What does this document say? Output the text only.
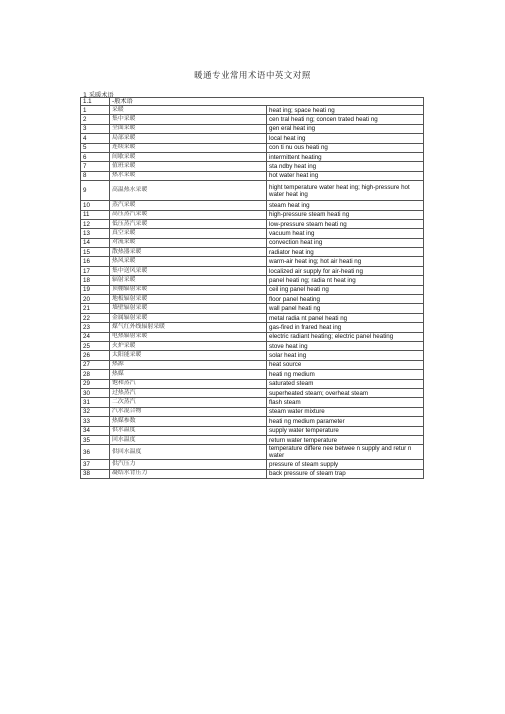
暖通专业常用术语中英文对照
1 采暖术语
1.1	-般术语	
1	采暖	heat ing; space heati ng
2	集中采暖	cen tral heati ng; concen trated heati ng
3	全面采暖	gen eral heat ing
4	局部采暖	local heat ing
5	连续采暖	con ti nu ous heati ng
6	间歇采暖	intermittent heating
7	值班采暖	sta ndby heat ing
8	热水采暖	hot water heat ing
9	高温热水采暖	hight temperature water heat ing; high-pressure hot water heat ing
10	蒸汽采暖	steam heat ing
11	高压蒸汽采暖	high-pressure steam heati ng
12	低压蒸汽采暖	low-pressure steam heati ng
13	真空采暖	vacuum heat ing
14	对流采暖	convection heat ing
15	散热器采暖	radiator heat ing
16	热风采暖	warm-air heat ing; hot air heati ng
17	集中送风采暖	localized air supply for air-heati ng
18	辐射采暖	panel heati ng; radia nt heat ing
19	顶棚辐射采暖	ceil ing panel heati ng
20	地板辐射采暖	floor panel heating
21	墙壁辐射采暖	wall panel heati ng
22	金属辐射采暖	metal radia nt panel heati ng
23	煤气红外线辐射采暖	gas-fired in frared heat ing
24	电热辐射采暖	electric radiant heating; electric panel heating
25	火炉采暖	stove heat ing
26	太阳能采暖	solar heat ing
27	热源	heat source
28	热媒	heati ng medium
29	饱和蒸汽	saturated steam
30	过热蒸汽	superheated steam; overheat steam
31	二次蒸汽	flash steam
32	汽水混合物	steam water mixture
33	热媒参数	heati ng medium parameter
34	供水温度	supply water temperature
35	回水温度	return water temperature
36	供回水温度	temperature differe nee betwee n supply and retur n water
37	供汽压力	pressure of steam supply
38	凝结水背压力	back pressure of steam trap
